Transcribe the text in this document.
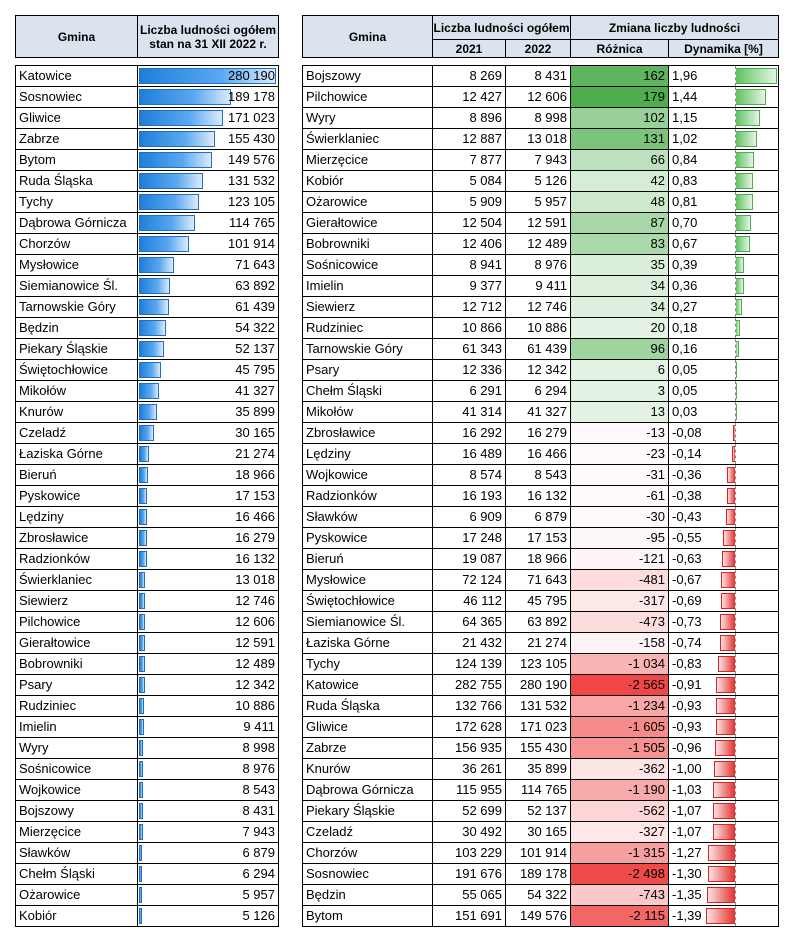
Gmina	Liczba ludności ogółem
stan na 31 XII 2022 r.

Katowice	280 190

Sosnowiec	189 178

Gliwice	171 023

Zabrze	155 430

Bytom	149 576

Ruda Śląska	131 532

Tychy	123 105

Dąbrowa Górnicza	114 765

Chorzów	101 914

Mysłowice	71 643

Siemianowice Śl.	63 892

Tarnowskie Góry	61 439

Będzin	54 322

Piekary Śląskie	52 137

Świętochłowice	45 795

Mikołów	41 327

Knurów	35 899

Czeladź	30 165

Łaziska Górne	21 274

Bieruń	18 966

Pyskowice	17 153

Lędziny	16 466

Zbrosławice	16 279

Radzionków	16 132

Świerklaniec	13 018

Siewierz	12 746

Pilchowice	12 606

Gierałtowice	12 591

Bobrowniki	12 489

Psary	12 342

Rudziniec	10 886

Imielin	9 411

Wyry	8 998

Sośnicowice	8 976

Wojkowice	8 543

Bojszowy	8 431

Mierzęcice	7 943

Sławków	6 879

Chełm Śląski	6 294

Ożarowice	5 957

Kobiór	5 126
Gmina	Liczba ludności ogółem		Zmiana liczby ludności	
	2021	2022	Różnica	Dynamika [%]

Bojszowy	8 269	8 431	162	1,96

Pilchowice	12 427	12 606	179	1,44

Wyry	8 896	8 998	102	1,15

Świerklaniec	12 887	13 018	131	1,02

Mierzęcice	7 877	7 943	66	0,84

Kobiór	5 084	5 126	42	0,83

Ożarowice	5 909	5 957	48	0,81

Gierałtowice	12 504	12 591	87	0,70

Bobrowniki	12 406	12 489	83	0,67

Sośnicowice	8 941	8 976	35	0,39

Imielin	9 377	9 411	34	0,36

Siewierz	12 712	12 746	34	0,27

Rudziniec	10 866	10 886	20	0,18

Tarnowskie Góry	61 343	61 439	96	0,16

Psary	12 336	12 342	6	0,05

Chełm Śląski	6 291	6 294	3	0,05

Mikołów	41 314	41 327	13	0,03

Zbrosławice	16 292	16 279	-13	-0,08

Lędziny	16 489	16 466	-23	-0,14

Wojkowice	8 574	8 543	-31	-0,36

Radzionków	16 193	16 132	-61	-0,38

Sławków	6 909	6 879	-30	-0,43

Pyskowice	17 248	17 153	-95	-0,55

Bieruń	19 087	18 966	-121	-0,63

Mysłowice	72 124	71 643	-481	-0,67

Świętochłowice	46 112	45 795	-317	-0,69

Siemianowice Śl.	64 365	63 892	-473	-0,73

Łaziska Górne	21 432	21 274	-158	-0,74

Tychy	124 139	123 105	-1 034	-0,83

Katowice	282 755	280 190	-2 565	-0,91

Ruda Śląska	132 766	131 532	-1 234	-0,93

Gliwice	172 628	171 023	-1 605	-0,93

Zabrze	156 935	155 430	-1 505	-0,96

Knurów	36 261	35 899	-362	-1,00

Dąbrowa Górnicza	115 955	114 765	-1 190	-1,03

Piekary Śląskie	52 699	52 137	-562	-1,07

Czeladź	30 492	30 165	-327	-1,07

Chorzów	103 229	101 914	-1 315	-1,27

Sosnowiec	191 676	189 178	-2 498	-1,30

Będzin	55 065	54 322	-743	-1,35

Bytom	151 691	149 576	-2 115	-1,39
